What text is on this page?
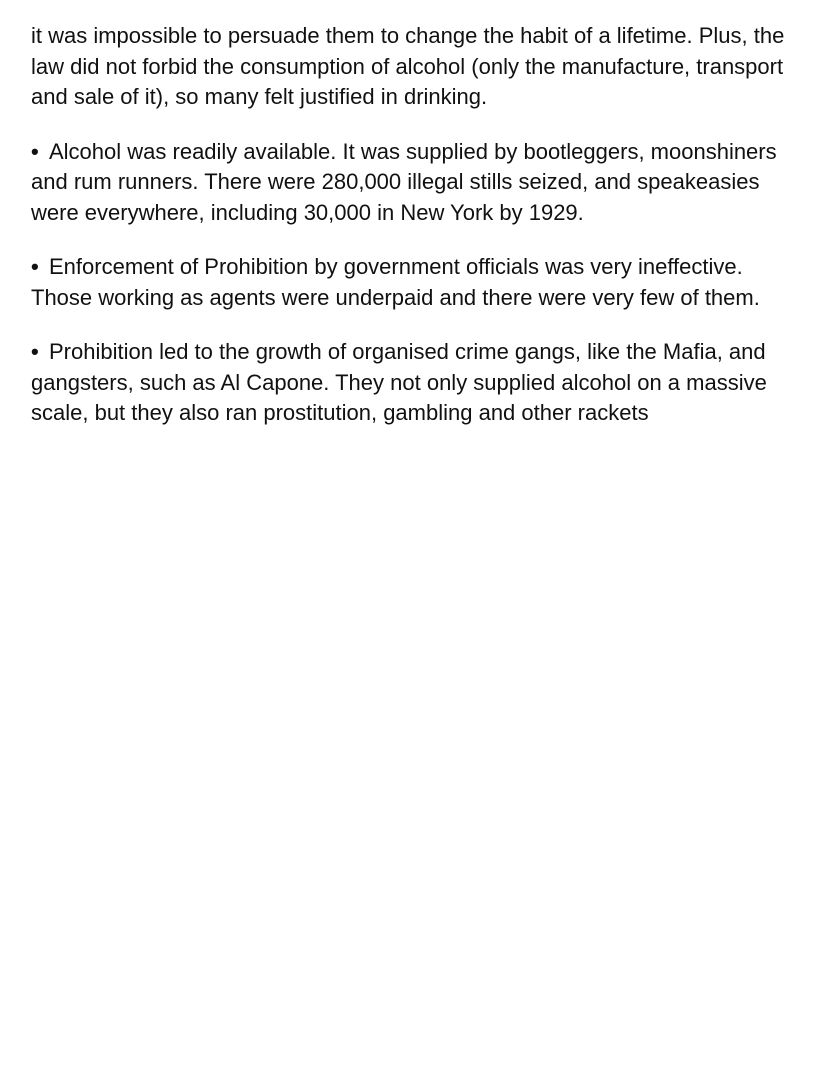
it was impossible to persuade them to change the habit of a lifetime. Plus, the law did not forbid the consumption of alcohol (only the manufacture, transport and sale of it), so many felt justified in drinking.

• Alcohol was readily available. It was supplied by bootleggers, moonshiners and rum runners. There were 280,000 illegal stills seized, and speakeasies were everywhere, including 30,000 in New York by 1929.

• Enforcement of Prohibition by government officials was very ineffective. Those working as agents were underpaid and there were very few of them.

• Prohibition led to the growth of organised crime gangs, like the Mafia, and gangsters, such as Al Capone. They not only supplied alcohol on a massive scale, but they also ran prostitution, gambling and other rackets
